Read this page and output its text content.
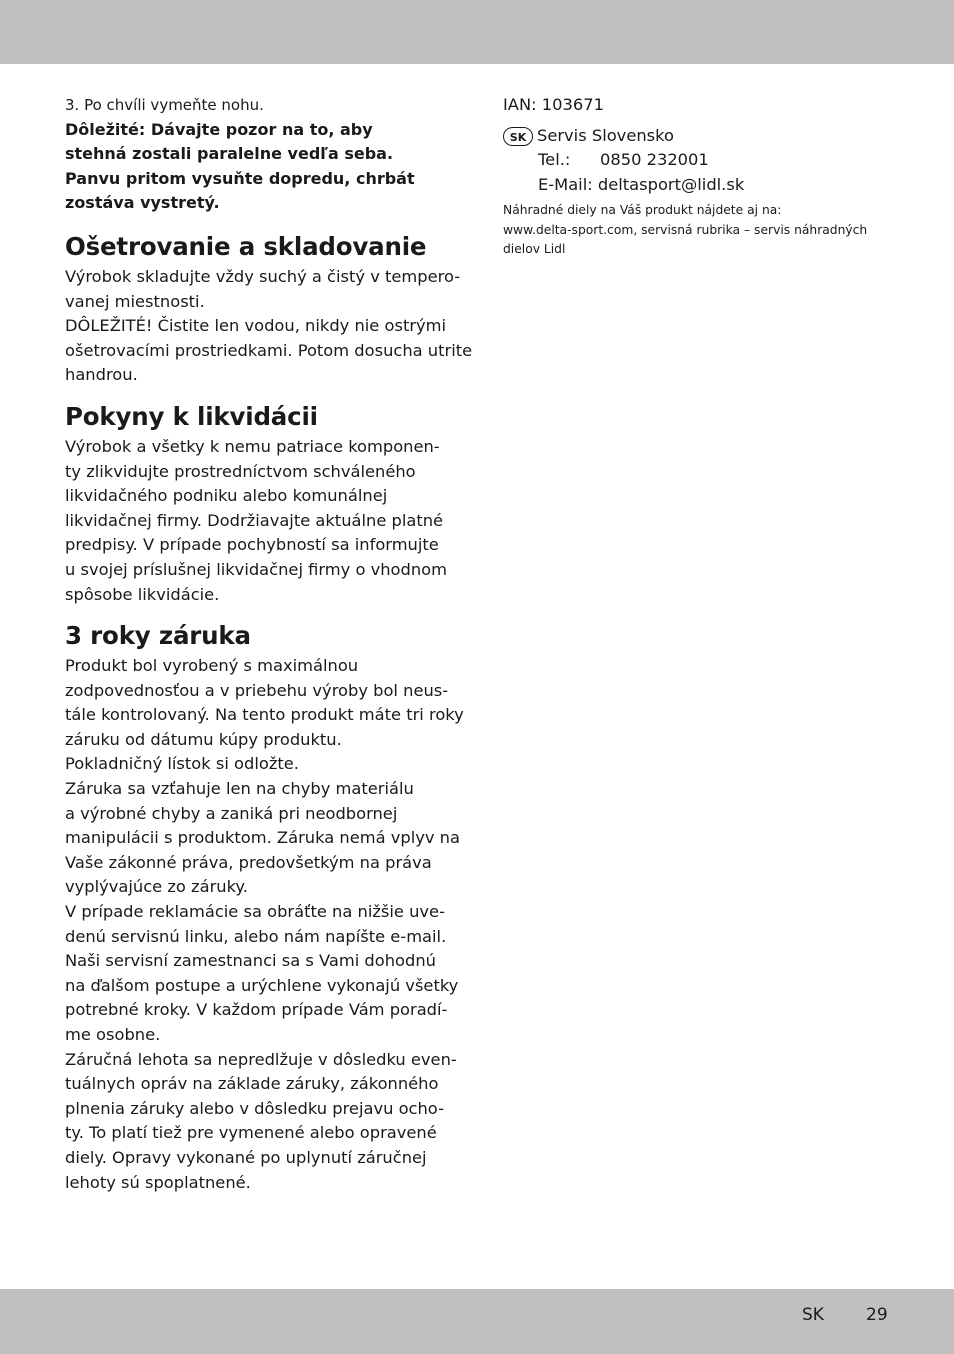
3. Po chvíli vymeňte nohu.

Dôležité: Dávajte pozor na to, aby

stehná zostali paralelne vedľa seba.

Panvu pritom vysuňte dopredu, chrbát

zostáva vystretý.

Ošetrovanie a skladovanie

Výrobok skladujte vždy suchý a čistý v tempero-

vanej miestnosti.

DÔLEŽITÉ! Čistite len vodou, nikdy nie ostrými

ošetrovacími prostriedkami. Potom dosucha utrite

handrou.

Pokyny k likvidácii

Výrobok a všetky k nemu patriace komponen-

ty zlikvidujte prostredníctvom schváleného

likvidačného podniku alebo komunálnej

likvidačnej firmy. Dodržiavajte aktuálne platné

predpisy. V prípade pochybností sa informujte

u svojej príslušnej likvidačnej firmy o vhodnom

spôsobe likvidácie.

3 roky záruka

Produkt bol vyrobený s maximálnou

zodpovednosťou a v priebehu výroby bol neus-

tále kontrolovaný. Na tento produkt máte tri roky

záruku od dátumu kúpy produktu.

Pokladničný lístok si odložte.

Záruka sa vzťahuje len na chyby materiálu

a výrobné chyby a zaniká pri neodbornej

manipulácii s produktom. Záruka nemá vplyv na

Vaše zákonné práva, predovšetkým na práva

vyplývajúce zo záruky.

V prípade reklamácie sa obráťte na nižšie uve-

denú servisnú linku, alebo nám napíšte e-mail.

Naši servisní zamestnanci sa s Vami dohodnú

na ďalšom postupe a urýchlene vykonajú všetky

potrebné kroky. V každom prípade Vám poradí-

me osobne.

Záručná lehota sa nepredlžuje v dôsledku even-

tuálnych opráv na základe záruky, zákonného

plnenia záruky alebo v dôsledku prejavu ocho-

ty. To platí tiež pre vymenené alebo opravené

diely. Opravy vykonané po uplynutí záručnej

lehoty sú spoplatnené.

IAN: 103671
SK Servis Slovensko
Tel.:	0850 232001
E-Mail: deltasport@lidl.sk
Náhradné diely na Váš produkt nájdete aj na:
www.delta-sport.com, servisná rubrika – servis náhradných
dielov Lidl
SK 29
